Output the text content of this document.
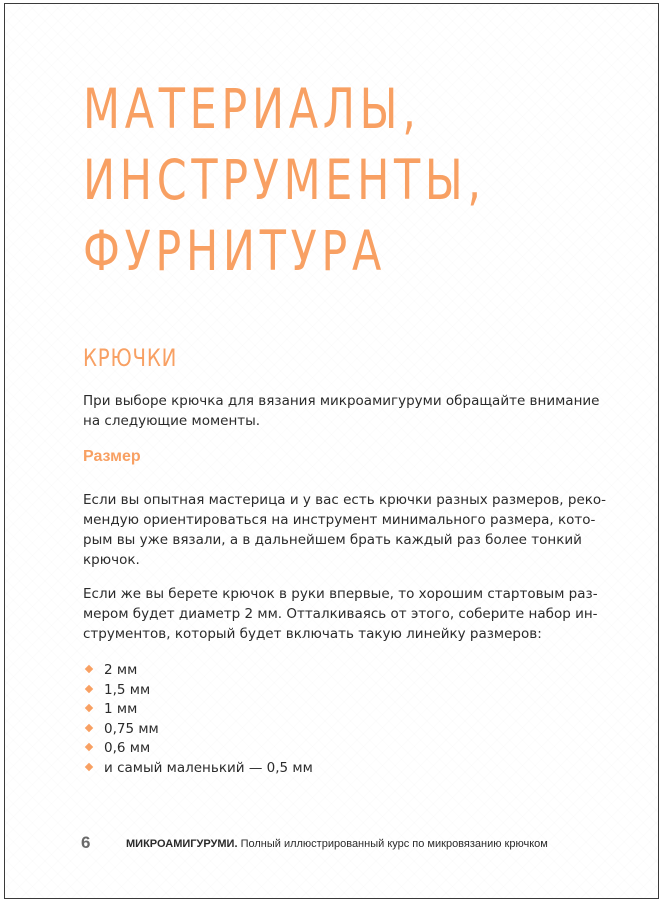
МАТЕРИАЛЫ,
ИНСТРУМЕНТЫ,
ФУРНИТУРА
КРЮЧКИ

При выборе крючка для вязания микроамигуруми обращайте внимание
на следующие моменты.

Размер

Если вы опытная мастерица и у вас есть крючки разных размеров, реко-
мендую ориентироваться на инструмент минимального размера, кото-
рым вы уже вязали, а в дальнейшем брать каждый раз более тонкий
крючок.

Если же вы берете крючок в руки впервые, то хорошим стартовым раз-
мером будет диаметр 2 мм. Отталкиваясь от этого, соберите набор ин-
струментов, который будет включать такую линейку размеров:

2 мм
1,5 мм
1 мм
0,75 мм
0,6 мм
и самый маленький — 0,5 мм
6	МИКРОАМИГУРУМИ. Полный иллюстрированный курс по микровязанию крючком
